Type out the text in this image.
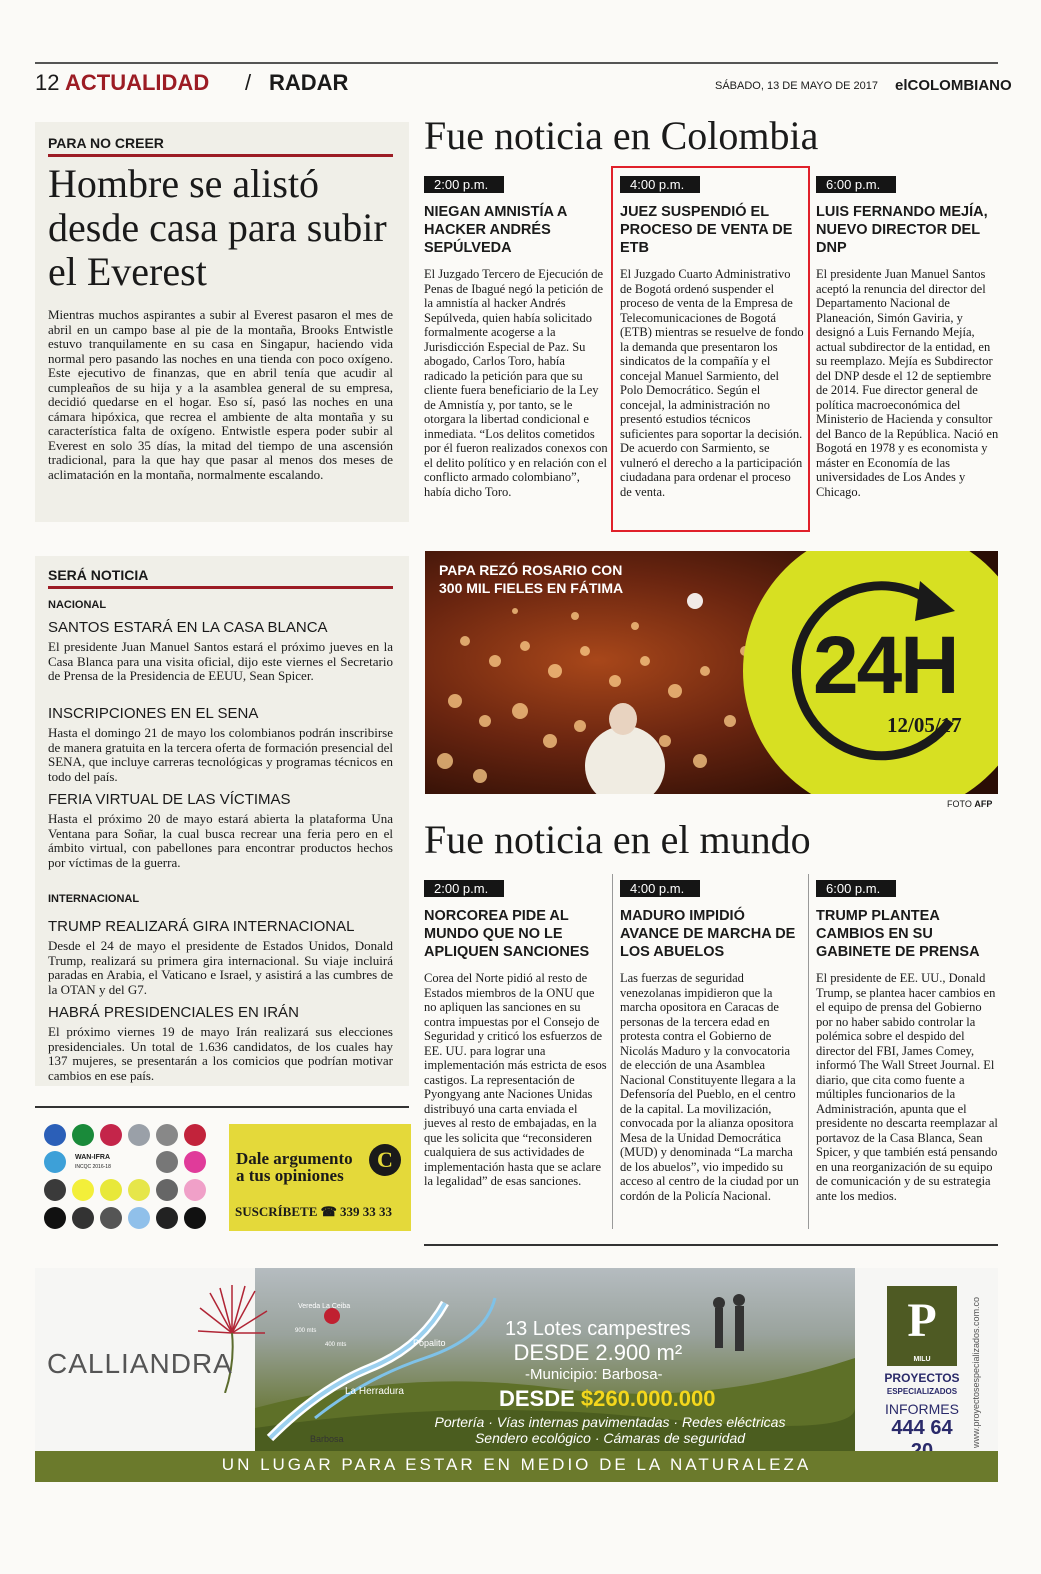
12 ACTUALIDAD / RADAR	SÁBADO, 13 DE MAYO DE 2017 elCOLOMBIANO
PARA NO CREER
Hombre se alistó desde casa para subir el Everest
Mientras muchos aspirantes a subir al Everest pasaron el mes de abril en un campo base al pie de la montaña, Brooks Entwistle estuvo tranquilamente en su casa en Singapur, haciendo vida normal pero pasando las noches en una tienda con poco oxígeno. Este ejecutivo de finanzas, que en abril tenía que acudir al cumpleaños de su hija y a la asamblea general de su empresa, decidió quedarse en el hogar. Eso sí, pasó las noches en una cámara hipóxica, que recrea el ambiente de alta montaña y su característica falta de oxígeno. Entwistle espera poder subir al Everest en solo 35 días, la mitad del tiempo de una ascensión tradicional, para la que hay que pasar al menos dos meses de aclimatación en la montaña, normalmente escalando.
SERÁ NOTICIA
NACIONAL
SANTOS ESTARÁ EN LA CASA BLANCA
El presidente Juan Manuel Santos estará el próximo jueves en la Casa Blanca para una visita oficial, dijo este viernes el Secretario de Prensa de la Presidencia de EEUU, Sean Spicer.
INSCRIPCIONES EN EL SENA
Hasta el domingo 21 de mayo los colombianos podrán inscribirse de manera gratuita en la tercera oferta de formación presencial del SENA, que incluye carreras tecnológicas y programas técnicos en todo del país.
FERIA VIRTUAL DE LAS VÍCTIMAS
Hasta el próximo 20 de mayo estará abierta la plataforma Una Ventana para Soñar, la cual busca recrear una feria pero en el ámbito virtual, con pabellones para encontrar productos hechos por víctimas de la guerra.
INTERNACIONAL
TRUMP REALIZARÁ GIRA INTERNACIONAL
Desde el 24 de mayo el presidente de Estados Unidos, Donald Trump, realizará su primera gira internacional. Su viaje incluirá paradas en Arabia, el Vaticano e Israel, y asistirá a las cumbres de la OTAN y del G7.
HABRÁ PRESIDENCIALES EN IRÁN
El próximo viernes 19 de mayo Irán realizará sus elecciones presidenciales. Un total de 1.636 candidatos, de los cuales hay 137 mujeres, se presentarán a los comicios que podrían motivar cambios en ese país.
Fue noticia en Colombia
2:00 p.m.
NIEGAN AMNISTÍA A HACKER ANDRÉS SEPÚLVEDA

El Juzgado Tercero de Ejecución de Penas de Ibagué negó la petición de la amnistía al hacker Andrés Sepúlveda, quien había solicitado formalmente acogerse a la Jurisdicción Especial de Paz. Su abogado, Carlos Toro, había radicado la petición para que su cliente fuera beneficiario de la Ley de Amnistía y, por tanto, se le otorgara la libertad condicional e inmediata. “Los delitos cometidos por él fueron realizados conexos con el delito político y en relación con el conflicto armado colombiano”, había dicho Toro.

4:00 p.m.
JUEZ SUSPENDIÓ EL PROCESO DE VENTA DE ETB

El Juzgado Cuarto Administrativo de Bogotá ordenó suspender el proceso de venta de la Empresa de Telecomunicaciones de Bogotá (ETB) mientras se resuelve de fondo la demanda que presentaron los sindicatos de la compañía y el concejal Manuel Sarmiento, del Polo Democrático. Según el concejal, la administración no presentó estudios técnicos suficientes para soportar la decisión. De acuerdo con Sarmiento, se vulneró el derecho a la participación ciudadana para ordenar el proceso de venta.

6:00 p.m.
LUIS FERNANDO MEJÍA, NUEVO DIRECTOR DEL DNP

El presidente Juan Manuel Santos aceptó la renuncia del director del Departamento Nacional de Planeación, Simón Gaviria, y designó a Luis Fernando Mejía, actual subdirector de la entidad, en su reemplazo. Mejía es Subdirector del DNP desde el 12 de septiembre de 2014. Fue director general de política macroeconómica del Ministerio de Hacienda y consultor del Banco de la República. Nació en Bogotá en 1978 y es economista y máster en Economía de las universidades de Los Andes y Chicago.

PAPA REZÓ ROSARIO CON
300 MIL FIELES EN FÁTIMA
24H
12/05/17
FOTO AFP
Fue noticia en el mundo
2:00 p.m.
NORCOREA PIDE AL MUNDO QUE NO LE APLIQUEN SANCIONES

Corea del Norte pidió al resto de Estados miembros de la ONU que no apliquen las sanciones en su contra impuestas por el Consejo de Seguridad y criticó los esfuerzos de EE. UU. para lograr una implementación más estricta de esos castigos. La representación de Pyongyang ante Naciones Unidas distribuyó una carta enviada el jueves al resto de embajadas, en la que les solicita que “reconsideren cualquiera de sus actividades de implementación hasta que se aclare la legalidad” de esas sanciones.

4:00 p.m.
MADURO IMPIDIÓ AVANCE DE MARCHA DE LOS ABUELOS

Las fuerzas de seguridad venezolanas impidieron que la marcha opositora en Caracas de personas de la tercera edad en protesta contra el Gobierno de Nicolás Maduro y la convocatoria de elección de una Asamblea Nacional Constituyente llegara a la Defensoría del Pueblo, en el centro de la capital. La movilización, convocada por la alianza opositora Mesa de la Unidad Democrática (MUD) y denominada “La marcha de los abuelos”, vio impedido su acceso al centro de la ciudad por un cordón de la Policía Nacional.

6:00 p.m.
TRUMP PLANTEA CAMBIOS EN SU GABINETE DE PRENSA

El presidente de EE. UU., Donald Trump, se plantea hacer cambios en el equipo de prensa del Gobierno por no haber sabido controlar la polémica sobre el despido del director del FBI, James Comey, informó The Wall Street Journal. El diario, que cita como fuente a múltiples funcionarios de la Administración, apunta que el presidente no descarta reemplazar al portavoz de la Casa Blanca, Sean Spicer, y que también está pensando en una reorganización de su equipo de comunicación y de su estrategia ante los medios.

WAN-IFRA
INCQC 2016-18	Dale argumento
a tus opiniones
C
SUSCRÍBETE ☎ 339 33 33
CALLIANDRA
Vereda La Ceiba
Popalito
La Herradura
Barbosa
900 mts
400 mts
13 Lotes campestres
DESDE 2.900 m²
-Municipio: Barbosa-
DESDE $260.000.000
Portería · Vías internas pavimentadas · Redes eléctricas
Sendero ecológico · Cámaras de seguridad
P
MILU
PROYECTOS
ESPECIALIZADOS
INFORMES
444 64	www.proyectosespecializados.com.co
UN LUGAR PARA ESTAR EN MEDIO DE LA NATURALEZA
